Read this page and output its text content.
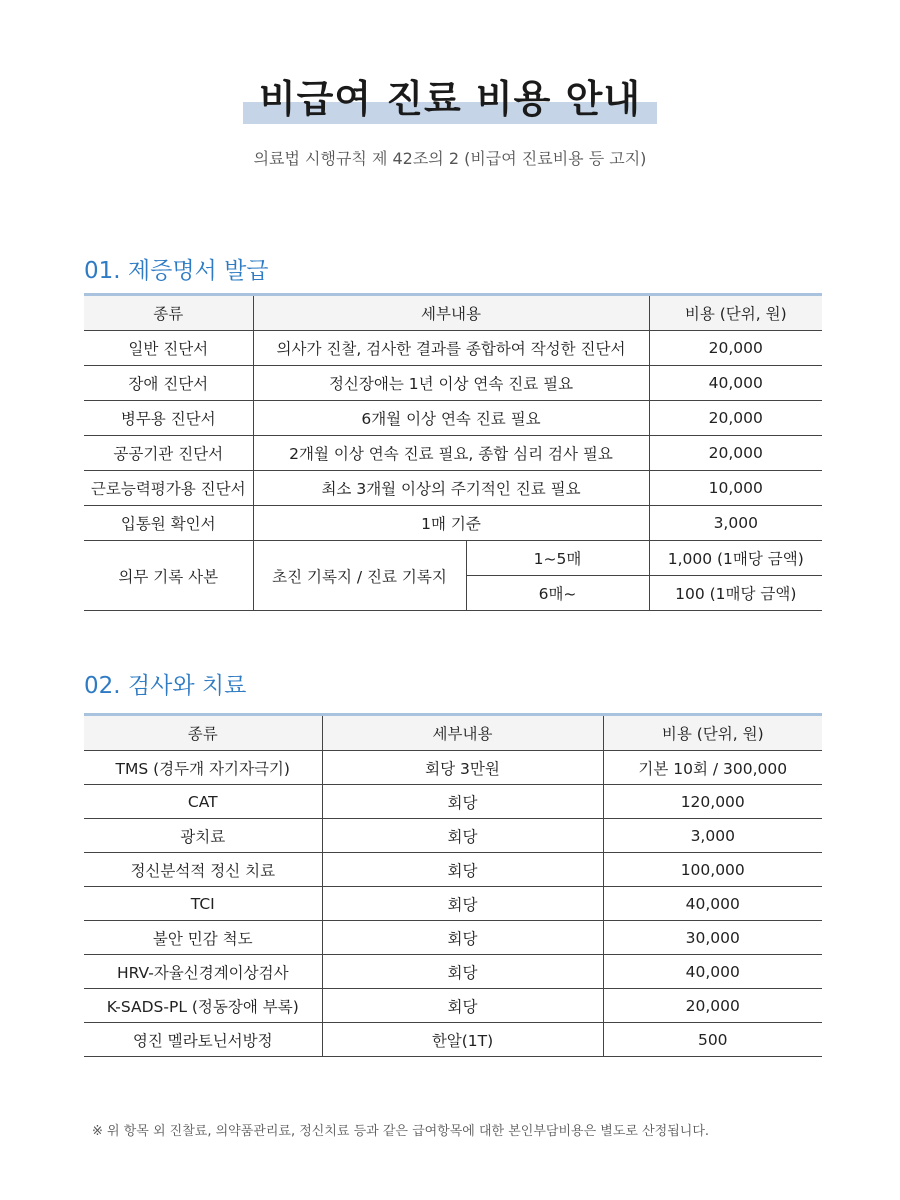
비급여 진료 비용 안내

의료법 시행규칙 제 42조의 2 (비급여 진료비용 등 고지)

01. 제증명서 발급
종류	세부내용		비용 (단위, 원)
일반 진단서	의사가 진찰, 검사한 결과를 종합하여 작성한 진단서		20,000
장애 진단서	정신장애는 1년 이상 연속 진료 필요		40,000
병무용 진단서	6개월 이상 연속 진료 필요		20,000
공공기관 진단서	2개월 이상 연속 진료 필요, 종합 심리 검사 필요		20,000
근로능력평가용 진단서	최소 3개월 이상의 주기적인 진료 필요		10,000
입통원 확인서	1매 기준		3,000
의무 기록 사본	초진 기록지 / 진료 기록지	1~5매	1,000 (1매당 금액)
		6매~	100 (1매당 금액)
02. 검사와 치료
종류	세부내용	비용 (단위, 원)
TMS (경두개 자기자극기)	회당 3만원	기본 10회 / 300,000
CAT	회당	120,000
광치료	회당	3,000
정신분석적 정신 치료	회당	100,000
TCI	회당	40,000
불안 민감 척도	회당	30,000
HRV-자율신경계이상검사	회당	40,000
K-SADS-PL (정동장애 부록)	회당	20,000
영진 멜라토닌서방정	한알(1T)	500

※ 위 항목 외 진찰료, 의약품관리료, 정신치료 등과 같은 급여항목에 대한 본인부담비용은 별도로 산정됩니다.
